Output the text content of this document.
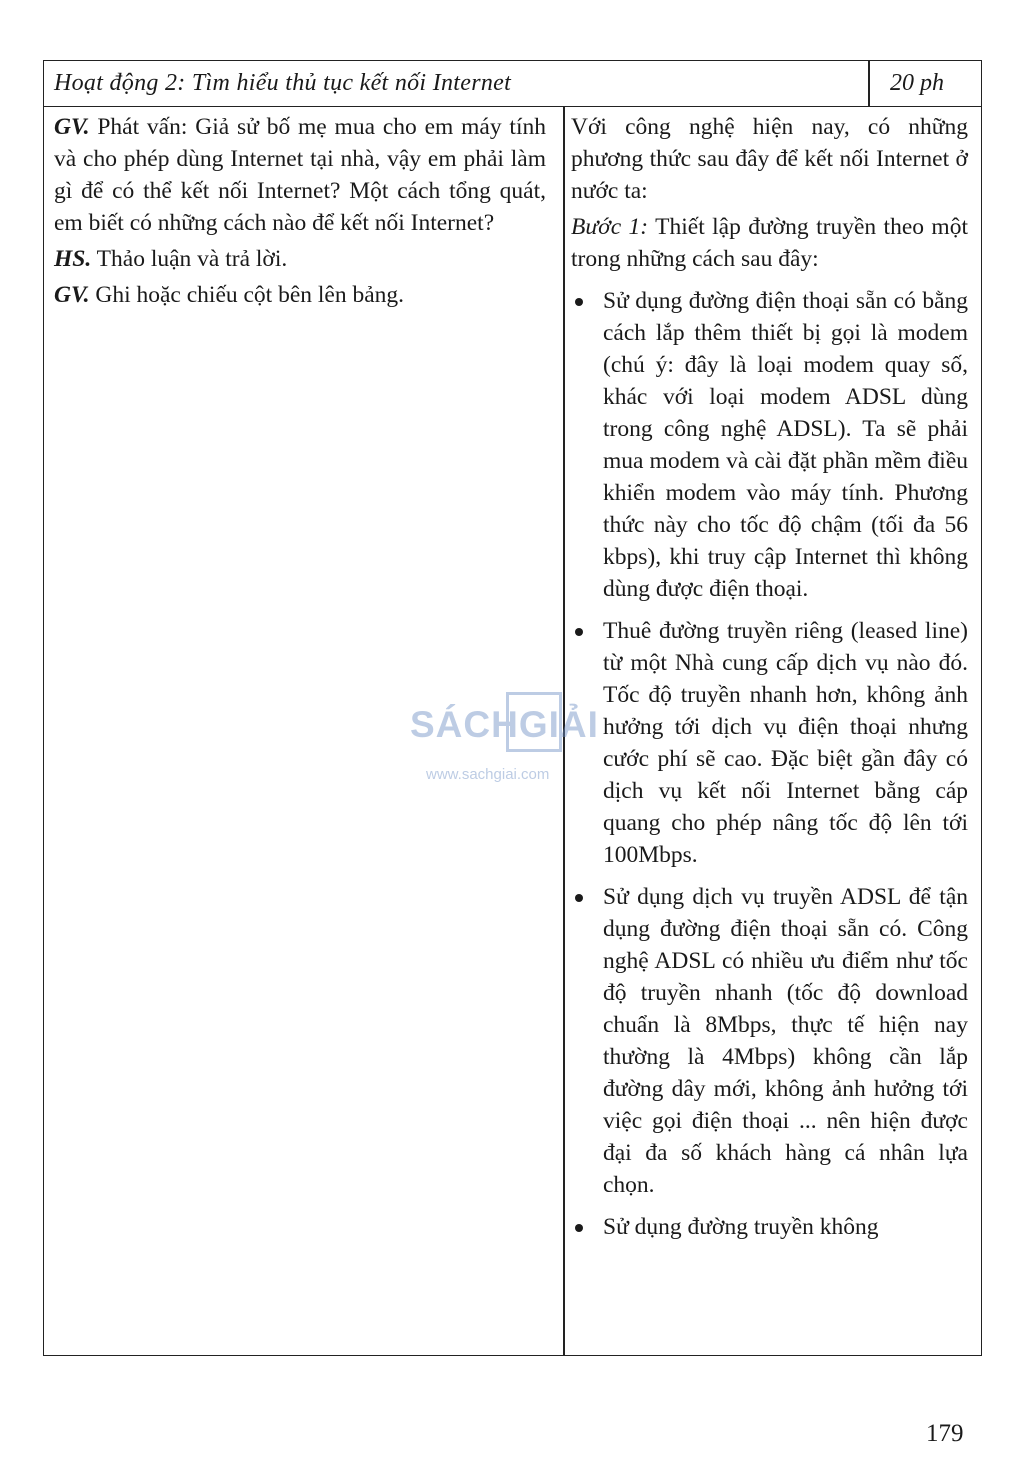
Hoạt động 2: Tìm hiểu thủ tục kết nối Internet	20 ph

GV. Phát vấn: Giả sử bố mẹ mua cho em máy tính và cho phép dùng Internet tại nhà, vậy em phải làm gì để có thể kết nối Internet? Một cách tổng quát, em biết có những cách nào để kết nối Internet?

HS. Thảo luận và trả lời.

GV. Ghi hoặc chiếu cột bên lên bảng.

Với công nghệ hiện nay, có những phương thức sau đây để kết nối Internet ở nước ta:

Bước 1: Thiết lập đường truyền theo một trong những cách sau đây:

Sử dụng đường điện thoại sẵn có bằng cách lắp thêm thiết bị gọi là modem (chú ý: đây là loại modem quay số, khác với loại modem ADSL dùng trong công nghệ ADSL). Ta sẽ phải mua modem và cài đặt phần mềm điều khiển modem vào máy tính. Phương thức này cho tốc độ chậm (tối đa 56 kbps), khi truy cập Internet thì không dùng được điện thoại.
Thuê đường truyền riêng (leased line) từ một Nhà cung cấp dịch vụ nào đó. Tốc độ truyền nhanh hơn, không ảnh hưởng tới dịch vụ điện thoại nhưng cước phí sẽ cao. Đặc biệt gần đây có dịch vụ kết nối Internet bằng cáp quang cho phép nâng tốc độ lên tới 100Mbps.
Sử dụng dịch vụ truyền ADSL để tận dụng đường điện thoại sẵn có. Công nghệ ADSL có nhiều ưu điểm như tốc độ truyền nhanh (tốc độ download chuẩn là 8Mbps, thực tế hiện nay thường là 4Mbps) không cần lắp đường dây mới, không ảnh hưởng tới việc gọi điện thoại ... nên hiện được đại đa số khách hàng cá nhân lựa chọn.
Sử dụng đường truyền không
SÁCHGIẢI
www.sachgiai.com
179
